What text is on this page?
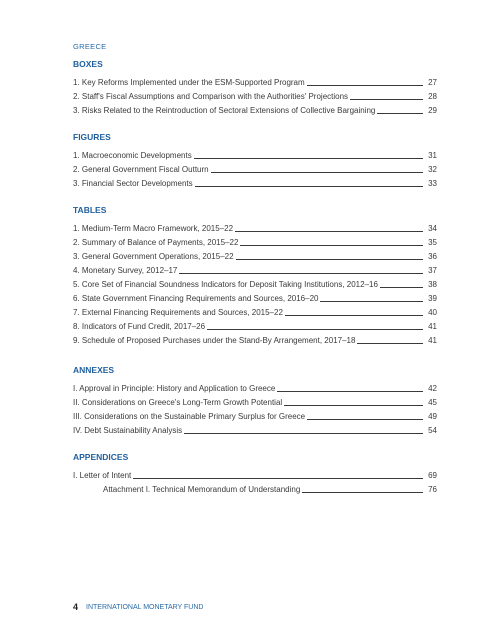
GREECE
BOXES
1. Key Reforms Implemented under the ESM-Supported Program	27
2. Staff's Fiscal Assumptions and Comparison with the Authorities' Projections	28
3. Risks Related to the Reintroduction of Sectoral Extensions of Collective Bargaining	29
FIGURES
1. Macroeconomic Developments	31
2. General Government Fiscal Outturn	32
3. Financial Sector Developments	33
TABLES
1. Medium-Term Macro Framework, 2015–22	34
2. Summary of Balance of Payments, 2015–22	35
3. General Government Operations, 2015–22	36
4. Monetary Survey, 2012–17	37
5. Core Set of Financial Soundness Indicators for Deposit Taking Institutions, 2012–16	38
6. State Government Financing Requirements and Sources, 2016–20	39
7. External Financing Requirements and Sources, 2015–22	40
8. Indicators of Fund Credit, 2017–26	41
9. Schedule of Proposed Purchases under the Stand-By Arrangement, 2017–18	41
ANNEXES
I. Approval in Principle: History and Application to Greece	42
II. Considerations on Greece's Long-Term Growth Potential	45
III. Considerations on the Sustainable Primary Surplus for Greece	49
IV. Debt Sustainability Analysis	54
APPENDICES
I. Letter of Intent	69
Attachment I. Technical Memorandum of Understanding	76
4 INTERNATIONAL MONETARY FUND
